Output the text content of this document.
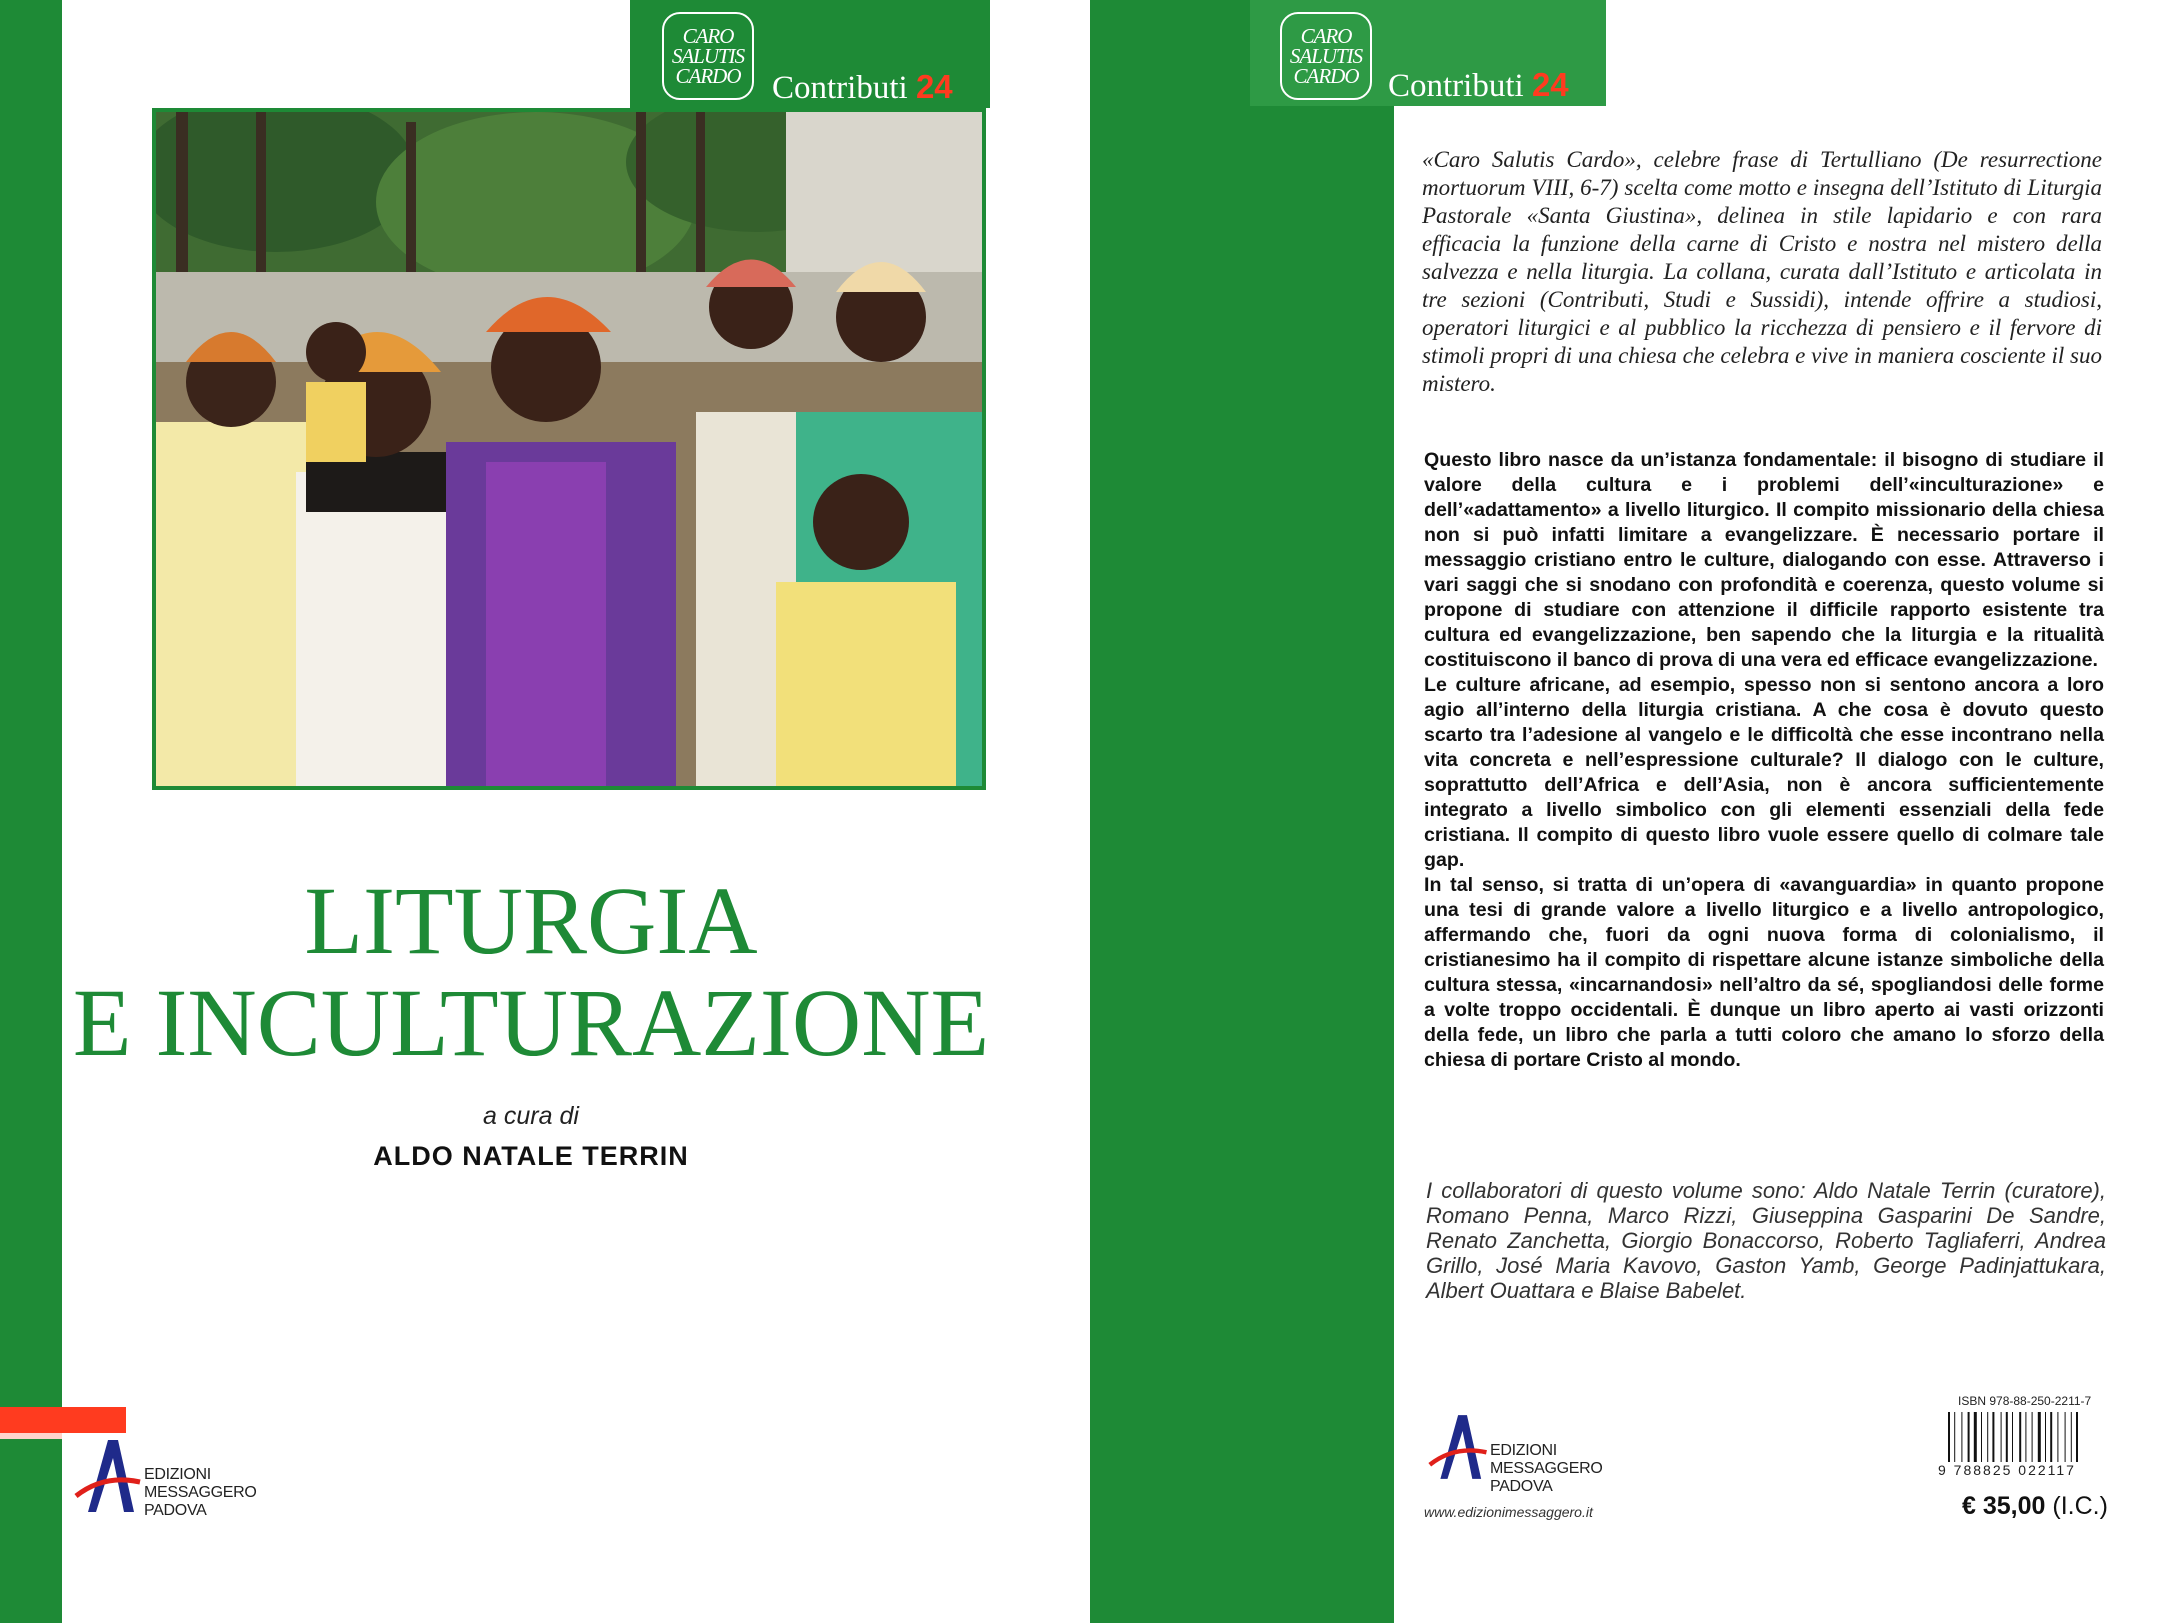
CARO
SALUTIS
CARDO Contributi 24
LITURGIA
E INCULTURAZIONE
a cura di
ALDO NATALE TERRIN
EDIZIONI
MESSAGGERO
PADOVA
CARO
SALUTIS
CARDO Contributi 24
«Caro Salutis Cardo», celebre frase di Tertulliano (De resurrectione mortuorum VIII, 6-7) scelta come motto e insegna dell’Istituto di Liturgia Pastorale «Santa Giustina», delinea in stile lapidario e con rara efficacia la funzione della carne di Cristo e nostra nel mistero della salvezza e nella liturgia. La collana, curata dall’Istituto e articolata in tre sezioni (Contributi, Studi e Sussidi), intende offrire a studiosi, operatori liturgici e al pubblico la ricchezza di pensiero e il fervore di stimoli propri di una chiesa che celebra e vive in maniera cosciente il suo mistero.

Questo libro nasce da un’istanza fondamentale: il bisogno di studiare il valore della cultura e i problemi dell’«inculturazione» e dell’«adattamento» a livello liturgico. Il compito missionario della chiesa non si può infatti limitare a evangelizzare. È necessario portare il messaggio cristiano entro le culture, dialogando con esse. Attraverso i vari saggi che si snodano con profondità e coerenza, questo volume si propone di studiare con attenzione il difficile rapporto esistente tra cultura ed evangelizzazione, ben sapendo che la liturgia e la ritualità costituiscono il banco di prova di una vera ed efficace evangelizzazione.

Le culture africane, ad esempio, spesso non si sentono ancora a loro agio all’interno della liturgia cristiana. A che cosa è dovuto questo scarto tra l’adesione al vangelo e le difficoltà che esse incontrano nella vita concreta e nell’espressione culturale? Il dialogo con le culture, soprattutto dell’Africa e dell’Asia, non è ancora sufficientemente integrato a livello simbolico con gli elementi essenziali della fede cristiana. Il compito di questo libro vuole essere quello di colmare tale gap.

In tal senso, si tratta di un’opera di «avanguardia» in quanto propone una tesi di grande valore a livello liturgico e a livello antropologico, affermando che, fuori da ogni nuova forma di colonialismo, il cristianesimo ha il compito di rispettare alcune istanze simboliche della cultura stessa, «incarnandosi» nell’altro da sé, spogliandosi delle forme a volte troppo occidentali. È dunque un libro aperto ai vasti orizzonti della fede, un libro che parla a tutti coloro che amano lo sforzo della chiesa di portare Cristo al mondo.

I collaboratori di questo volume sono: Aldo Natale Terrin (curatore), Romano Penna, Marco Rizzi, Giuseppina Gasparini De Sandre, Renato Zanchetta, Giorgio Bonaccorso, Roberto Tagliaferri, Andrea Grillo, José Maria Kavovo, Gaston Yamb, George Padinjattukara, Albert Ouattara e Blaise Babelet.
EDIZIONI
MESSAGGERO
PADOVA
www.edizionimessaggero.it
ISBN 978-88-250-2211-7
9 788825 022117
€ 35,00 (I.C.)
